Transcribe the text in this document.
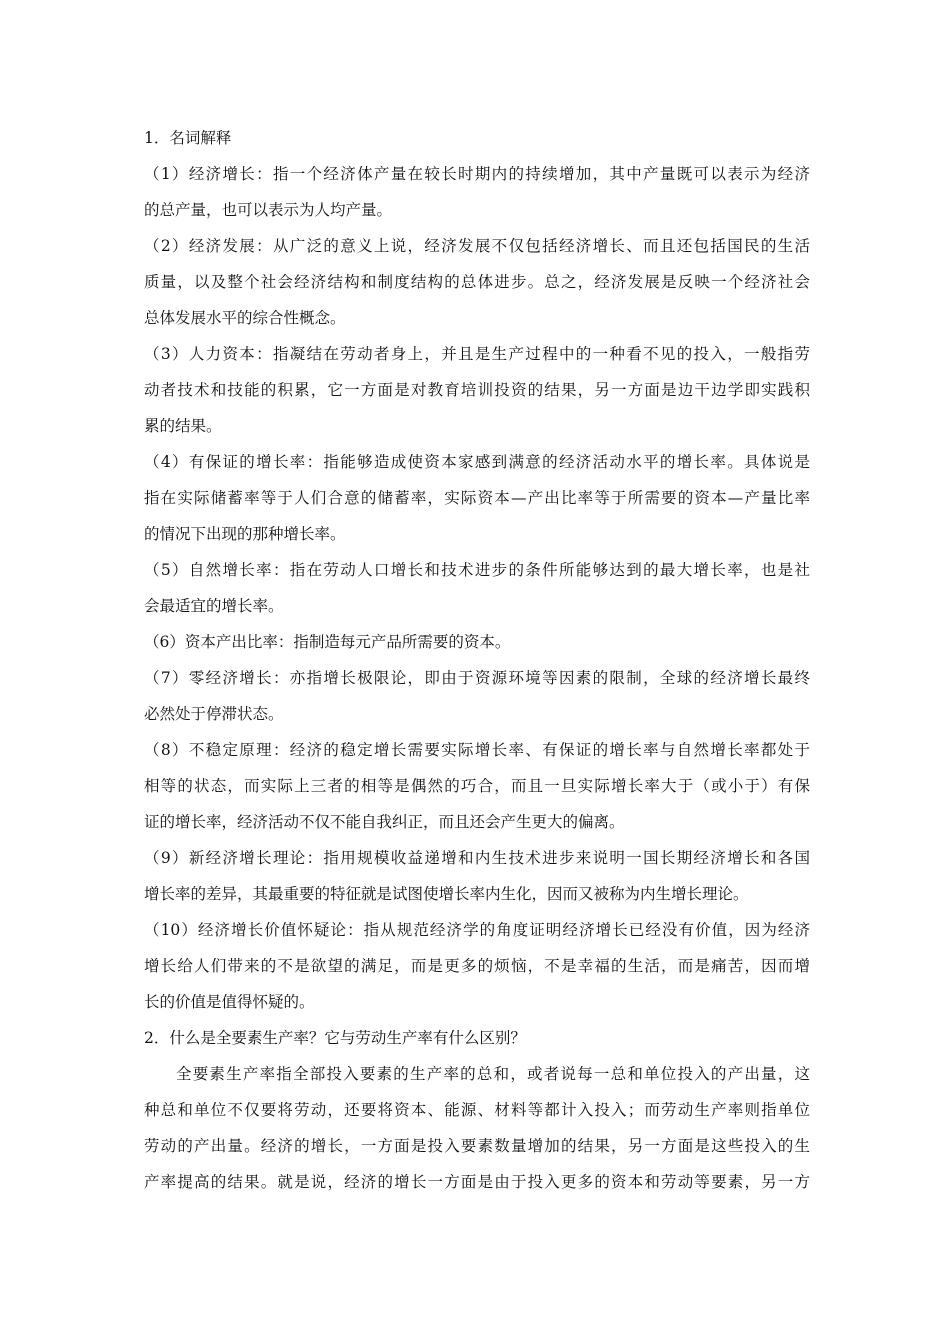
1．名词解释
（1）经济增长：指一个经济体产量在较长时期内的持续增加，其中产量既可以表示为经济
的总产量，也可以表示为人均产量。
（2）经济发展：从广泛的意义上说，经济发展不仅包括经济增长、而且还包括国民的生活
质量，以及整个社会经济结构和制度结构的总体进步。总之，经济发展是反映一个经济社会
总体发展水平的综合性概念。
（3）人力资本：指凝结在劳动者身上，并且是生产过程中的一种看不见的投入，一般指劳
动者技术和技能的积累，它一方面是对教育培训投资的结果，另一方面是边干边学即实践积
累的结果。
（4）有保证的增长率：指能够造成使资本家感到满意的经济活动水平的增长率。具体说是
指在实际储蓄率等于人们合意的储蓄率，实际资本—产出比率等于所需要的资本—产量比率
的情况下出现的那种增长率。
（5）自然增长率：指在劳动人口增长和技术进步的条件所能够达到的最大增长率，也是社
会最适宜的增长率。
（6）资本产出比率：指制造每元产品所需要的资本。
（7）零经济增长：亦指增长极限论，即由于资源环境等因素的限制，全球的经济增长最终
必然处于停滞状态。
（8）不稳定原理：经济的稳定增长需要实际增长率、有保证的增长率与自然增长率都处于
相等的状态，而实际上三者的相等是偶然的巧合，而且一旦实际增长率大于（或小于）有保
证的增长率，经济活动不仅不能自我纠正，而且还会产生更大的偏离。
（9）新经济增长理论：指用规模收益递增和内生技术进步来说明一国长期经济增长和各国
增长率的差异，其最重要的特征就是试图使增长率内生化，因而又被称为内生增长理论。
（10）经济增长价值怀疑论：指从规范经济学的角度证明经济增长已经没有价值，因为经济
增长给人们带来的不是欲望的满足，而是更多的烦恼，不是幸福的生活，而是痛苦，因而增
长的价值是值得怀疑的。
2．什么是全要素生产率？它与劳动生产率有什么区别？
全要素生产率指全部投入要素的生产率的总和，或者说每一总和单位投入的产出量，这
种总和单位不仅要将劳动，还要将资本、能源、材料等都计入投入；而劳动生产率则指单位
劳动的产出量。经济的增长，一方面是投入要素数量增加的结果，另一方面是这些投入的生
产率提高的结果。就是说，经济的增长一方面是由于投入更多的资本和劳动等要素，另一方
